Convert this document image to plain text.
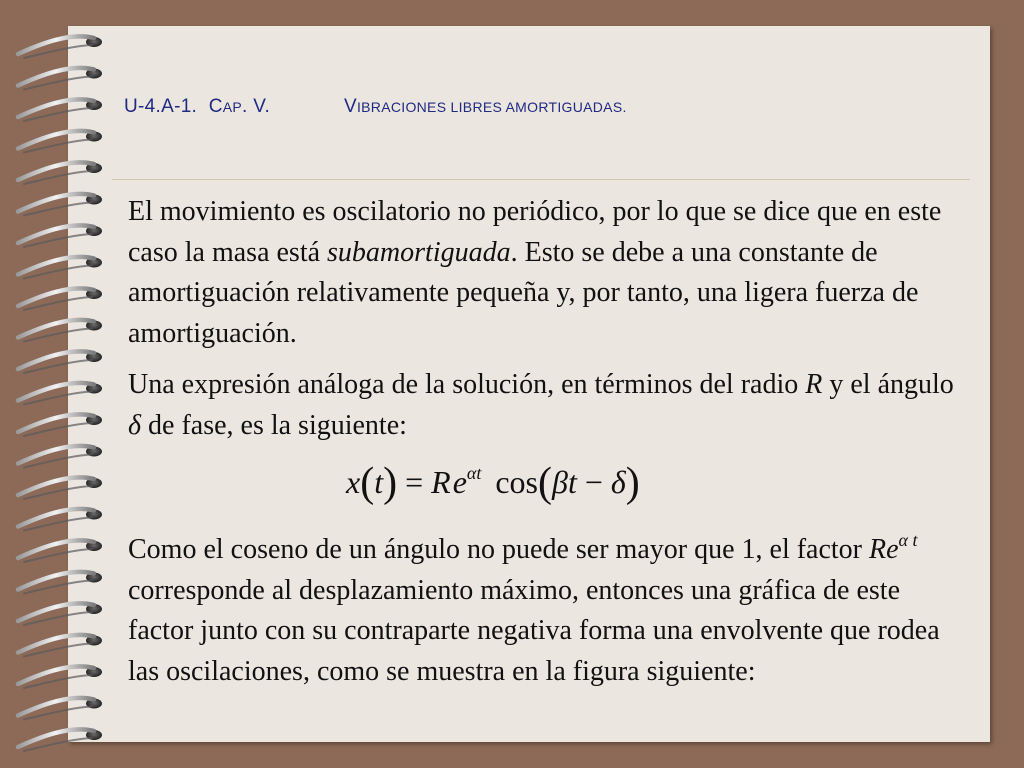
U-4.A-1. CAP. V.	VIBRACIONES LIBRES AMORTIGUADAS.
El movimiento es oscilatorio no periódico, por lo que se dice que en este caso la masa está subamortiguada. Esto se debe a una constante de amortiguación relativamente pequeña y, por tanto, una ligera fuerza de amortiguación.
Una expresión análoga de la solución, en términos del radio R y el ángulo δ de fase, es la siguiente:
$x(t) = Re^{\alpha t}$ cos(βt − δ)
Como el coseno de un ángulo no puede ser mayor que 1, el factor $Re^{\alpha t}$ corresponde al desplazamiento máximo, entonces una gráfica de este factor junto con su contraparte negativa forma una envolvente que rodea las oscilaciones, como se muestra en la figura siguiente:
